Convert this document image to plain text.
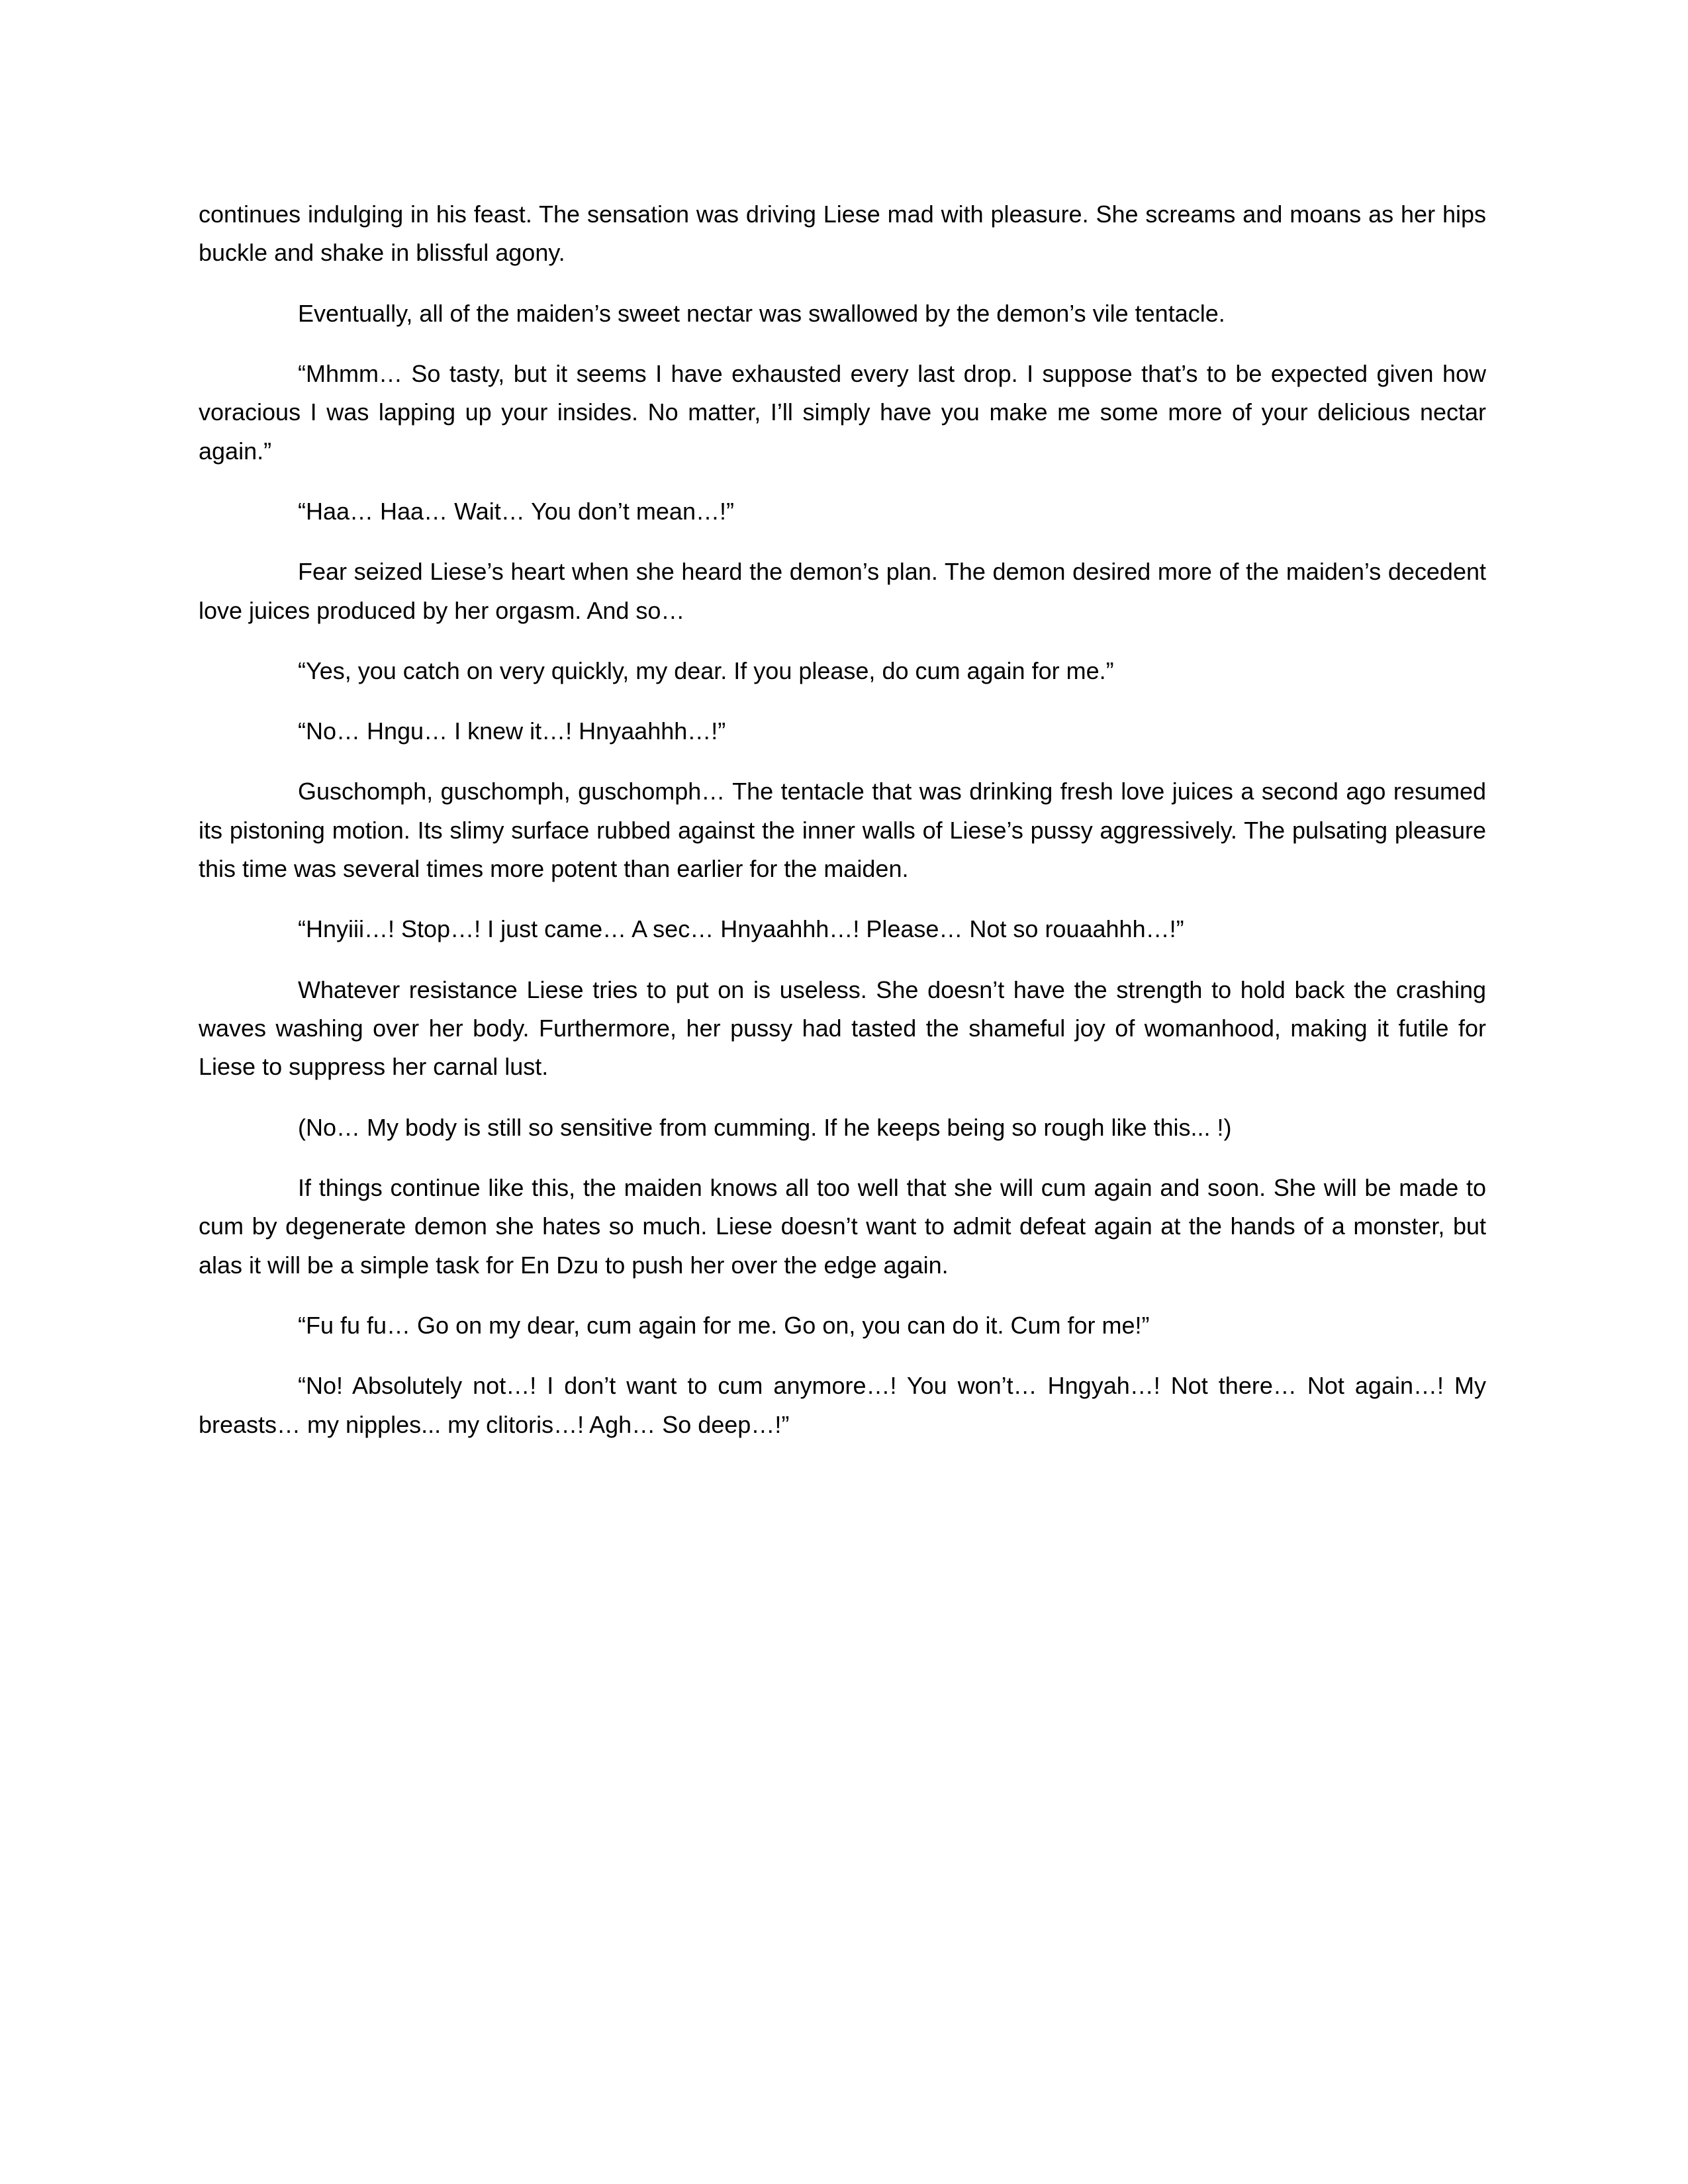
continues indulging in his feast. The sensation was driving Liese mad with pleasure. She screams and moans as her hips buckle and shake in blissful agony.

Eventually, all of the maiden’s sweet nectar was swallowed by the demon’s vile tentacle.

“Mhmm… So tasty, but it seems I have exhausted every last drop. I suppose that’s to be expected given how voracious I was lapping up your insides. No matter, I’ll simply have you make me some more of your delicious nectar again.”

“Haa… Haa… Wait… You don’t mean…!”

Fear seized Liese’s heart when she heard the demon’s plan. The demon desired more of the maiden’s decedent love juices produced by her orgasm. And so…

“Yes, you catch on very quickly, my dear. If you please, do cum again for me.”

“No… Hngu… I knew it…! Hnyaahhh…!”

Guschomph, guschomph, guschomph… The tentacle that was drinking fresh love juices a second ago resumed its pistoning motion. Its slimy surface rubbed against the inner walls of Liese’s pussy aggressively. The pulsating pleasure this time was several times more potent than earlier for the maiden.

“Hnyiii…! Stop…! I just came… A sec… Hnyaahhh…! Please… Not so rouaahhh…!”

Whatever resistance Liese tries to put on is useless. She doesn’t have the strength to hold back the crashing waves washing over her body. Furthermore, her pussy had tasted the shameful joy of womanhood, making it futile for Liese to suppress her carnal lust.

(No… My body is still so sensitive from cumming. If he keeps being so rough like this... !)

If things continue like this, the maiden knows all too well that she will cum again and soon. She will be made to cum by degenerate demon she hates so much. Liese doesn’t want to admit defeat again at the hands of a monster, but alas it will be a simple task for En Dzu to push her over the edge again.

“Fu fu fu… Go on my dear, cum again for me. Go on, you can do it. Cum for me!”

“No! Absolutely not…! I don’t want to cum anymore…! You won’t… Hngyah…! Not there… Not again…! My breasts… my nipples... my clitoris…! Agh… So deep…!”
